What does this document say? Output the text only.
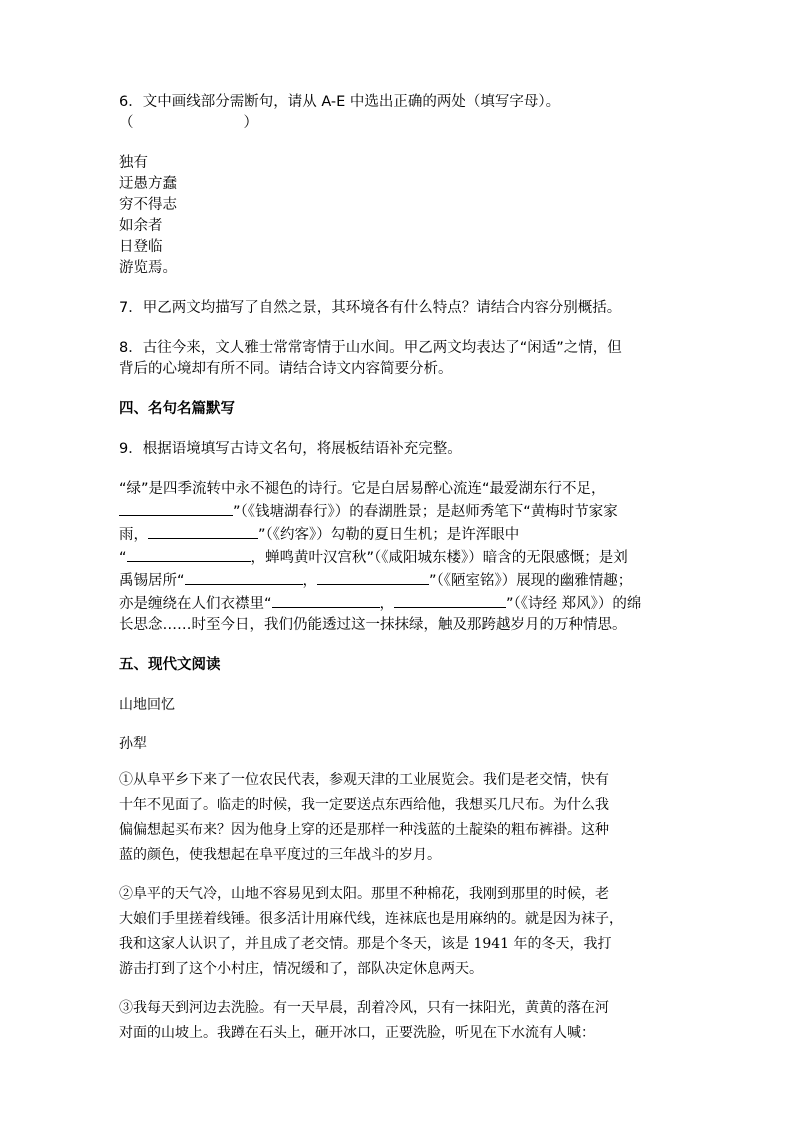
6．文中画线部分需断句，请从 A-E 中选出正确的两处（填写字母）。

（	）

独有

迂愚方蠢

穷不得志

如余者

日登临

游览焉。

7．甲乙两文均描写了自然之景，其环境各有什么特点？请结合内容分别概括。

8．古往今来，文人雅士常常寄情于山水间。甲乙两文均表达了“闲适”之情，但

背后的心境却有所不同。请结合诗文内容简要分析。

四、名句名篇默写

9．根据语境填写古诗文名句，将展板结语补充完整。

“绿”是四季流转中永不褪色的诗行。它是白居易醉心流连“最爱湖东行不足，

”（《钱塘湖春行》）的春湖胜景；是赵师秀笔下“黄梅时节家家

雨，	”（《约客》）勾勒的夏日生机；是许浑眼中

“	，蝉鸣黄叶汉宫秋”（《咸阳城东楼》）暗含的无限感慨；是刘

禹锡居所“	，	”（《陋室铭》）展现的幽雅情趣；

亦是缠绕在人们衣襟里“	，	”（《诗经 郑风》）的绵

长思念……时至今日，我们仍能透过这一抹抹绿，触及那跨越岁月的万种情思。

五、现代文阅读

山地回忆

孙犁

①从阜平乡下来了一位农民代表，参观天津的工业展览会。我们是老交情，快有

十年不见面了。临走的时候，我一定要送点东西给他，我想买几尺布。为什么我

偏偏想起买布来？因为他身上穿的还是那样一种浅蓝的土靛染的粗布裤褂。这种

蓝的颜色，使我想起在阜平度过的三年战斗的岁月。

②阜平的天气冷，山地不容易见到太阳。那里不种棉花，我刚到那里的时候，老

大娘们手里搓着线锤。很多活计用麻代线，连袜底也是用麻纳的。就是因为袜子，

我和这家人认识了，并且成了老交情。那是个冬天，该是 1941 年的冬天，我打

游击打到了这个小村庄，情况缓和了，部队决定休息两天。

③我每天到河边去洗脸。有一天早晨，刮着冷风，只有一抹阳光，黄黄的落在河

对面的山坡上。我蹲在石头上，砸开冰口，正要洗脸，听见在下水流有人喊：
